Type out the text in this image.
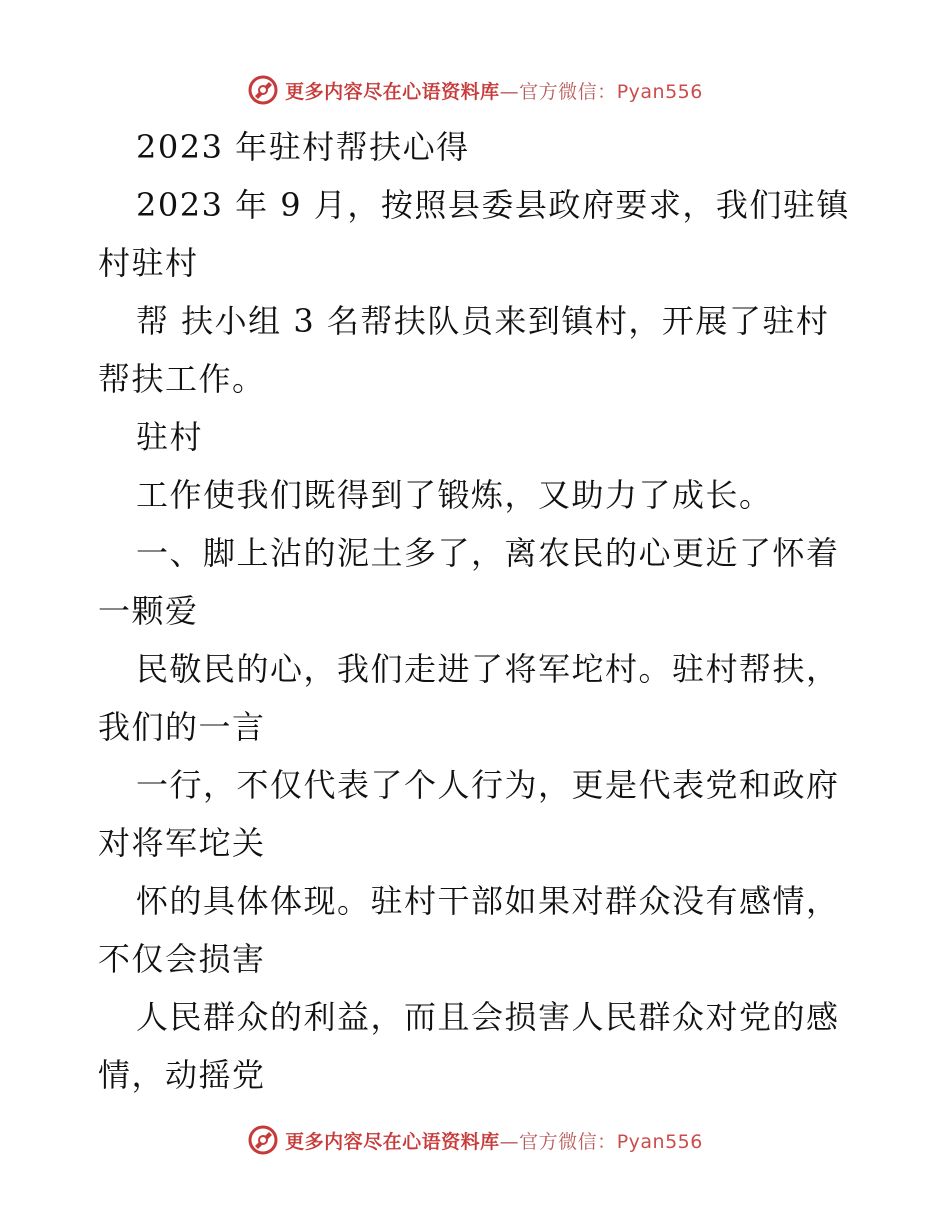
更多内容尽在心语资料库—官方微信：Pyan556
2023 年驻村帮扶心得
2023 年 9 月，按照县委县政府要求，我们驻镇
村驻村
帮 扶小组 3 名帮扶队员来到镇村，开展了驻村
帮扶工作。
驻村
工作使我们既得到了锻炼，又助力了成长。
一、脚上沾的泥土多了，离农民的心更近了怀着
一颗爱
民敬民的心，我们走进了将军坨村。驻村帮扶，
我们的一言
一行，不仅代表了个人行为，更是代表党和政府
对将军坨关
怀的具体体现。驻村干部如果对群众没有感情，
不仅会损害
人民群众的利益，而且会损害人民群众对党的感
情，动摇党
更多内容尽在心语资料库—官方微信：Pyan556
